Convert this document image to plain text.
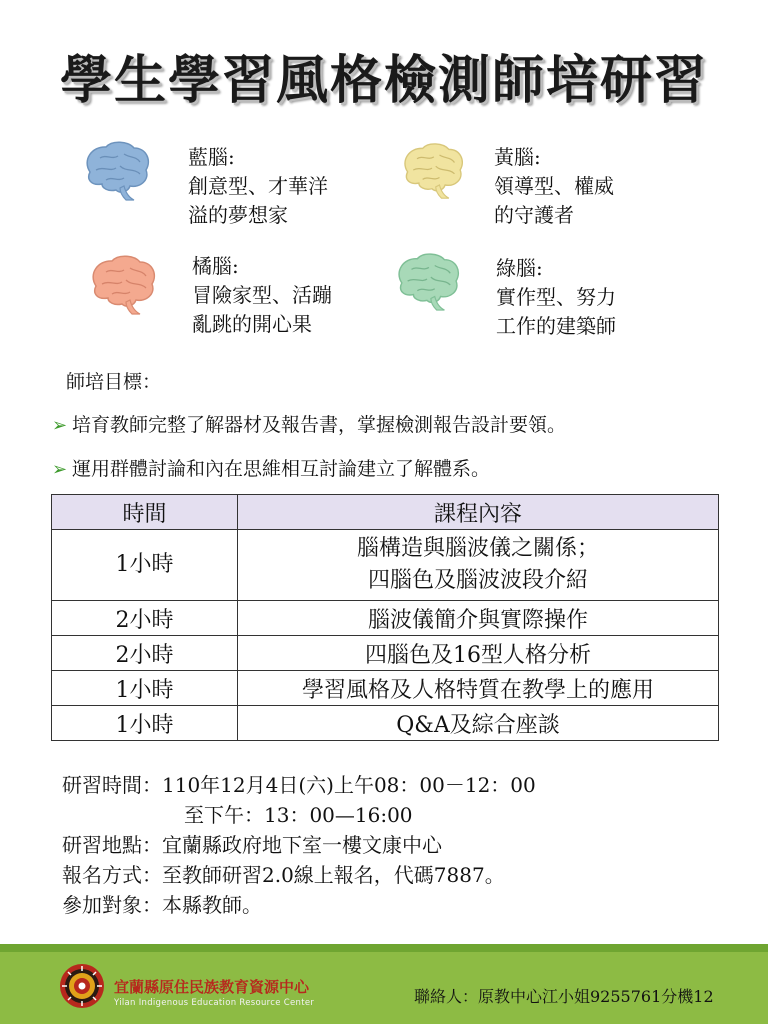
學生學習風格檢測師培研習
藍腦:
創意型、才華洋
溢的夢想家
黃腦:
領導型、權威
的守護者
橘腦:
冒險家型、活蹦
亂跳的開心果
綠腦:
實作型、努力
工作的建築師
師培目標：
➢ 培育教師完整了解器材及報告書，掌握檢測報告設計要領。
➢ 運用群體討論和內在思維相互討論建立了解體系。
時間	課程內容
1小時	腦構造與腦波儀之關係；
四腦色及腦波波段介紹

2小時	腦波儀簡介與實際操作
2小時	四腦色及16型人格分析
1小時	學習風格及人格特質在教學上的應用
1小時	Q&A及綜合座談
研習時間：110年12月4日(六)上午08：00－12：00
至下午：13：00—16:00
研習地點：宜蘭縣政府地下室一樓文康中心
報名方式：至教師研習2.0線上報名，代碼7887。
參加對象：本縣教師。
宜蘭縣原住民族教育資源中心
Yilan Indigenous Education Resource Center	聯絡人：原教中心江小姐9255761分機12
